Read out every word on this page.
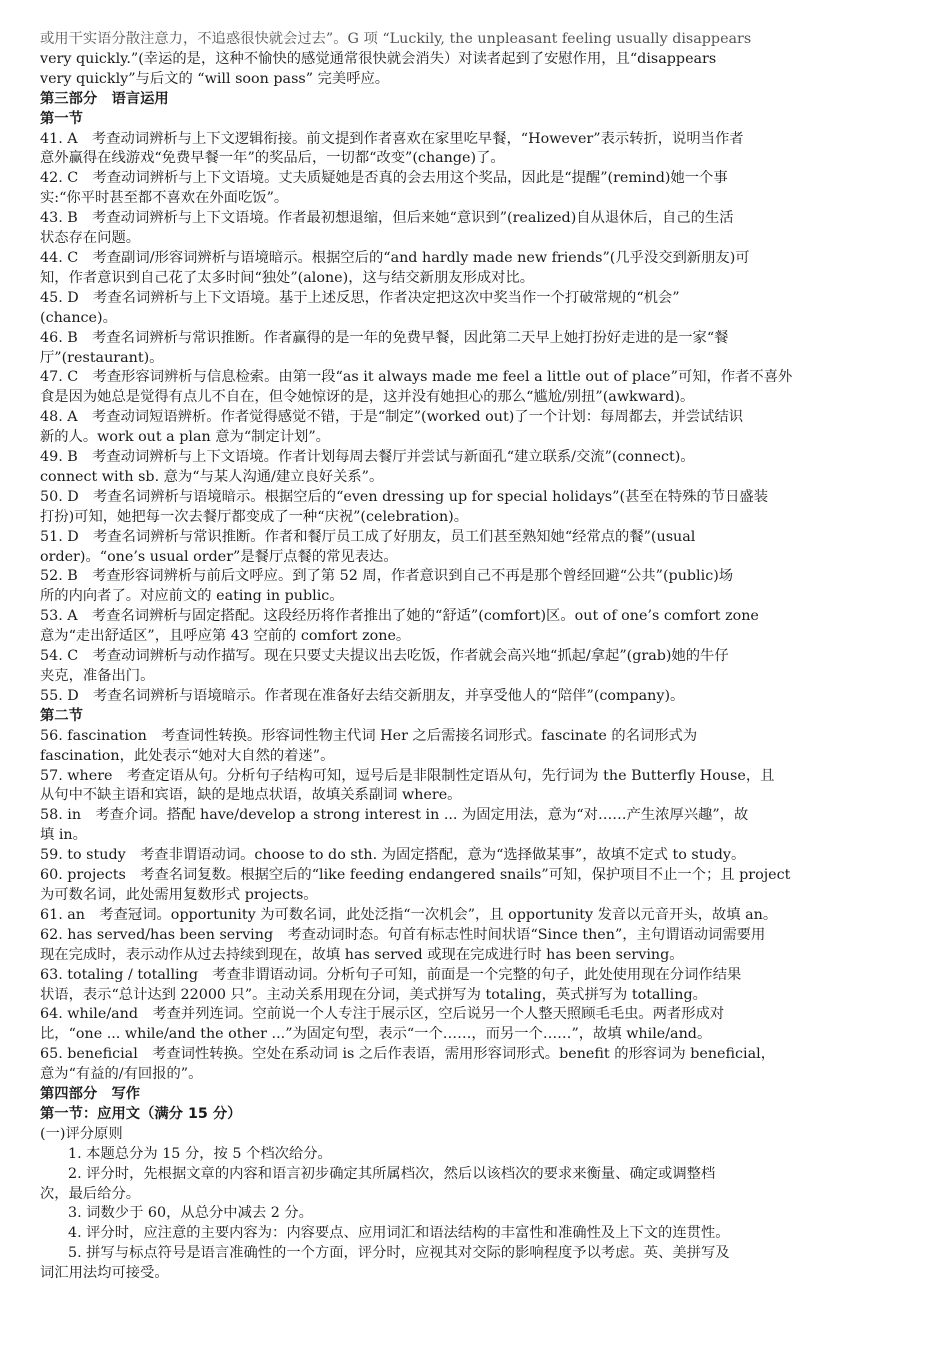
或用干实语分散注意力，不追惑很快就会过去”。G 项 “Luckily, the unpleasant feeling usually disappears
very quickly.”(幸运的是，这种不愉快的感觉通常很快就会消失）对读者起到了安慰作用，且“disappears
very quickly”与后文的 “will soon pass” 完美呼应。
第三部分　语言运用
第一节
41. A　考查动词辨析与上下文逻辑衔接。前文提到作者喜欢在家里吃早餐，“However”表示转折，说明当作者
意外赢得在线游戏“免费早餐一年”的奖品后，一切都“改变”(change)了。
42. C　考查动词辨析与上下文语境。丈夫质疑她是否真的会去用这个奖品，因此是“提醒”(remind)她一个事
实:“你平时甚至都不喜欢在外面吃饭”。
43. B　考查动词辨析与上下文语境。作者最初想退缩，但后来她“意识到”(realized)自从退休后，自己的生活
状态存在问题。
44. C　考查副词/形容词辨析与语境暗示。根据空后的“and hardly made new friends”(几乎没交到新朋友)可
知，作者意识到自己花了太多时间“独处”(alone)，这与结交新朋友形成对比。
45. D　考查名词辨析与上下文语境。基于上述反思，作者决定把这次中奖当作一个打破常规的“机会”
(chance)。
46. B　考查名词辨析与常识推断。作者赢得的是一年的免费早餐，因此第二天早上她打扮好走进的是一家“餐
厅”(restaurant)。
47. C　考查形容词辨析与信息检索。由第一段“as it always made me feel a little out of place”可知，作者不喜外
食是因为她总是觉得有点儿不自在，但令她惊讶的是，这并没有她担心的那么“尴尬/别扭”(awkward)。
48. A　考查动词短语辨析。作者觉得感觉不错，于是“制定”(worked out)了一个计划：每周都去，并尝试结识
新的人。work out a plan 意为“制定计划”。
49. B　考查动词辨析与上下文语境。作者计划每周去餐厅并尝试与新面孔“建立联系/交流”(connect)。
connect with sb. 意为“与某人沟通/建立良好关系”。
50. D　考查名词辨析与语境暗示。根据空后的“even dressing up for special holidays”(甚至在特殊的节日盛装
打扮)可知，她把每一次去餐厅都变成了一种“庆祝”(celebration)。
51. D　考查名词辨析与常识推断。作者和餐厅员工成了好朋友，员工们甚至熟知她“经常点的餐”(usual
order)。“one’s usual order”是餐厅点餐的常见表达。
52. B　考查形容词辨析与前后文呼应。到了第 52 周，作者意识到自己不再是那个曾经回避“公共”(public)场
所的内向者了。对应前文的 eating in public。
53. A　考查名词辨析与固定搭配。这段经历将作者推出了她的“舒适”(comfort)区。out of one’s comfort zone
意为“走出舒适区”，且呼应第 43 空前的 comfort zone。
54. C　考查动词辨析与动作描写。现在只要丈夫提议出去吃饭，作者就会高兴地“抓起/拿起”(grab)她的牛仔
夹克，准备出门。
55. D　考查名词辨析与语境暗示。作者现在准备好去结交新朋友，并享受他人的“陪伴”(company)。
第二节
56. fascination　考查词性转换。形容词性物主代词 Her 之后需接名词形式。fascinate 的名词形式为
fascination，此处表示“她对大自然的着迷”。
57. where　考查定语从句。分析句子结构可知，逗号后是非限制性定语从句，先行词为 the Butterfly House，且
从句中不缺主语和宾语，缺的是地点状语，故填关系副词 where。
58. in　考查介词。搭配 have/develop a strong interest in ... 为固定用法，意为“对……产生浓厚兴趣”，故
填 in。
59. to study　考查非谓语动词。choose to do sth. 为固定搭配，意为“选择做某事”，故填不定式 to study。
60. projects　考查名词复数。根据空后的“like feeding endangered snails”可知，保护项目不止一个；且 project
为可数名词，此处需用复数形式 projects。
61. an　考查冠词。opportunity 为可数名词，此处泛指“一次机会”，且 opportunity 发音以元音开头，故填 an。
62. has served/has been serving　考查动词时态。句首有标志性时间状语“Since then”，主句谓语动词需要用
现在完成时，表示动作从过去持续到现在，故填 has served 或现在完成进行时 has been serving。
63. totaling / totalling　考查非谓语动词。分析句子可知，前面是一个完整的句子，此处使用现在分词作结果
状语，表示“总计达到 22000 只”。主动关系用现在分词，美式拼写为 totaling，英式拼写为 totalling。
64. while/and　考查并列连词。空前说一个人专注于展示区，空后说另一个人整天照顾毛毛虫。两者形成对
比，“one ... while/and the other ...”为固定句型，表示“一个……，而另一个……”，故填 while/and。
65. beneficial　考查词性转换。空处在系动词 is 之后作表语，需用形容词形式。benefit 的形容词为 beneficial，
意为“有益的/有回报的”。
第四部分　写作
第一节：应用文（满分 15 分）
(一)评分原则
1. 本题总分为 15 分，按 5 个档次给分。
2. 评分时，先根据文章的内容和语言初步确定其所属档次，然后以该档次的要求来衡量、确定或调整档
次，最后给分。
3. 词数少于 60，从总分中减去 2 分。
4. 评分时，应注意的主要内容为：内容要点、应用词汇和语法结构的丰富性和准确性及上下文的连贯性。
5. 拼写与标点符号是语言准确性的一个方面，评分时，应视其对交际的影响程度予以考虑。英、美拼写及
词汇用法均可接受。
